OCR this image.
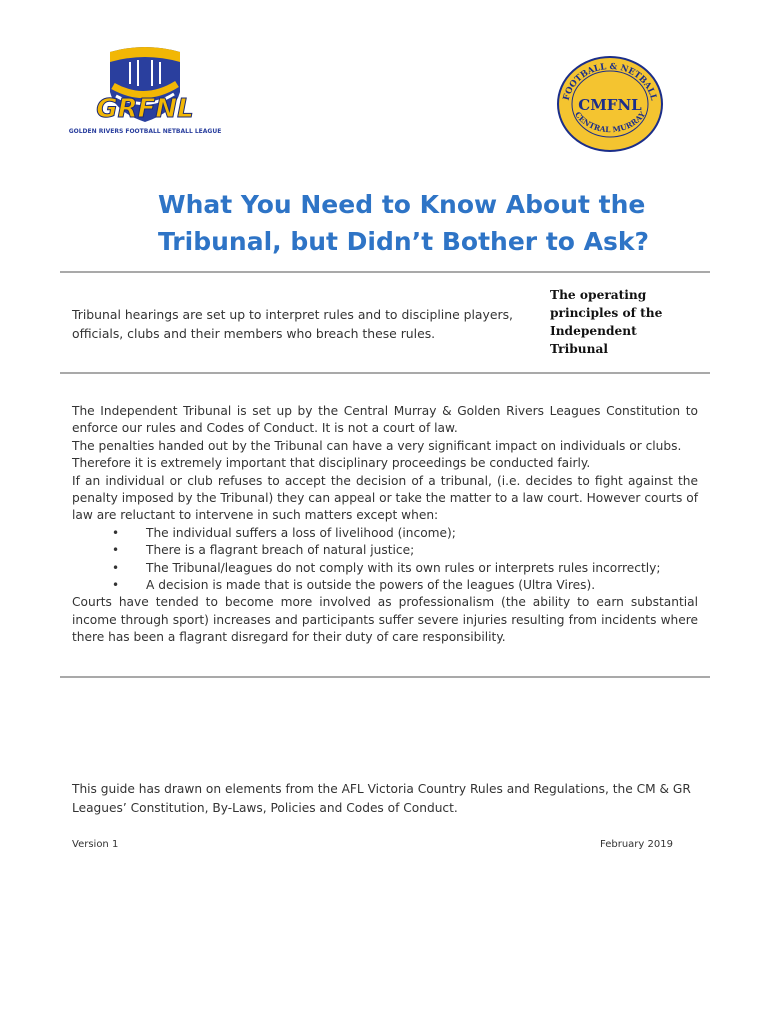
GRFNL
GOLDEN RIVERS FOOTBALL NETBALL LEAGUE
FOOTBALL & NETBALL
CENTRAL MURRAY
CMFNL
What You Need to Know About the
Tribunal, but Didn’t Bother to Ask?

Tribunal hearings are set up to interpret rules and to discipline players, officials, clubs and their members who breach these rules.

The operating
principles of the
Independent
Tribunal

The Independent Tribunal is set up by the Central Murray & Golden Rivers Leagues Constitution to enforce our rules and Codes of Conduct. It is not a court of law.

The penalties handed out by the Tribunal can have a very significant impact on individuals or clubs. Therefore it is extremely important that disciplinary proceedings be conducted fairly.

If an individual or club refuses to accept the decision of a tribunal, (i.e. decides to fight against the penalty imposed by the Tribunal) they can appeal or take the matter to a law court. However courts of law are reluctant to intervene in such matters except when:

• The individual suffers a loss of livelihood (income);
• There is a flagrant breach of natural justice;
• The Tribunal/leagues do not comply with its own rules or interprets rules incorrectly;
• A decision is made that is outside the powers of the leagues (Ultra Vires).

Courts have tended to become more involved as professionalism (the ability to earn substantial income through sport) increases and participants suffer severe injuries resulting from incidents where there has been a flagrant disregard for their duty of care responsibility.

This guide has drawn on elements from the AFL Victoria Country Rules and Regulations, the CM & GR Leagues’ Constitution, By-Laws, Policies and Codes of Conduct.

Version 1	February 2019
